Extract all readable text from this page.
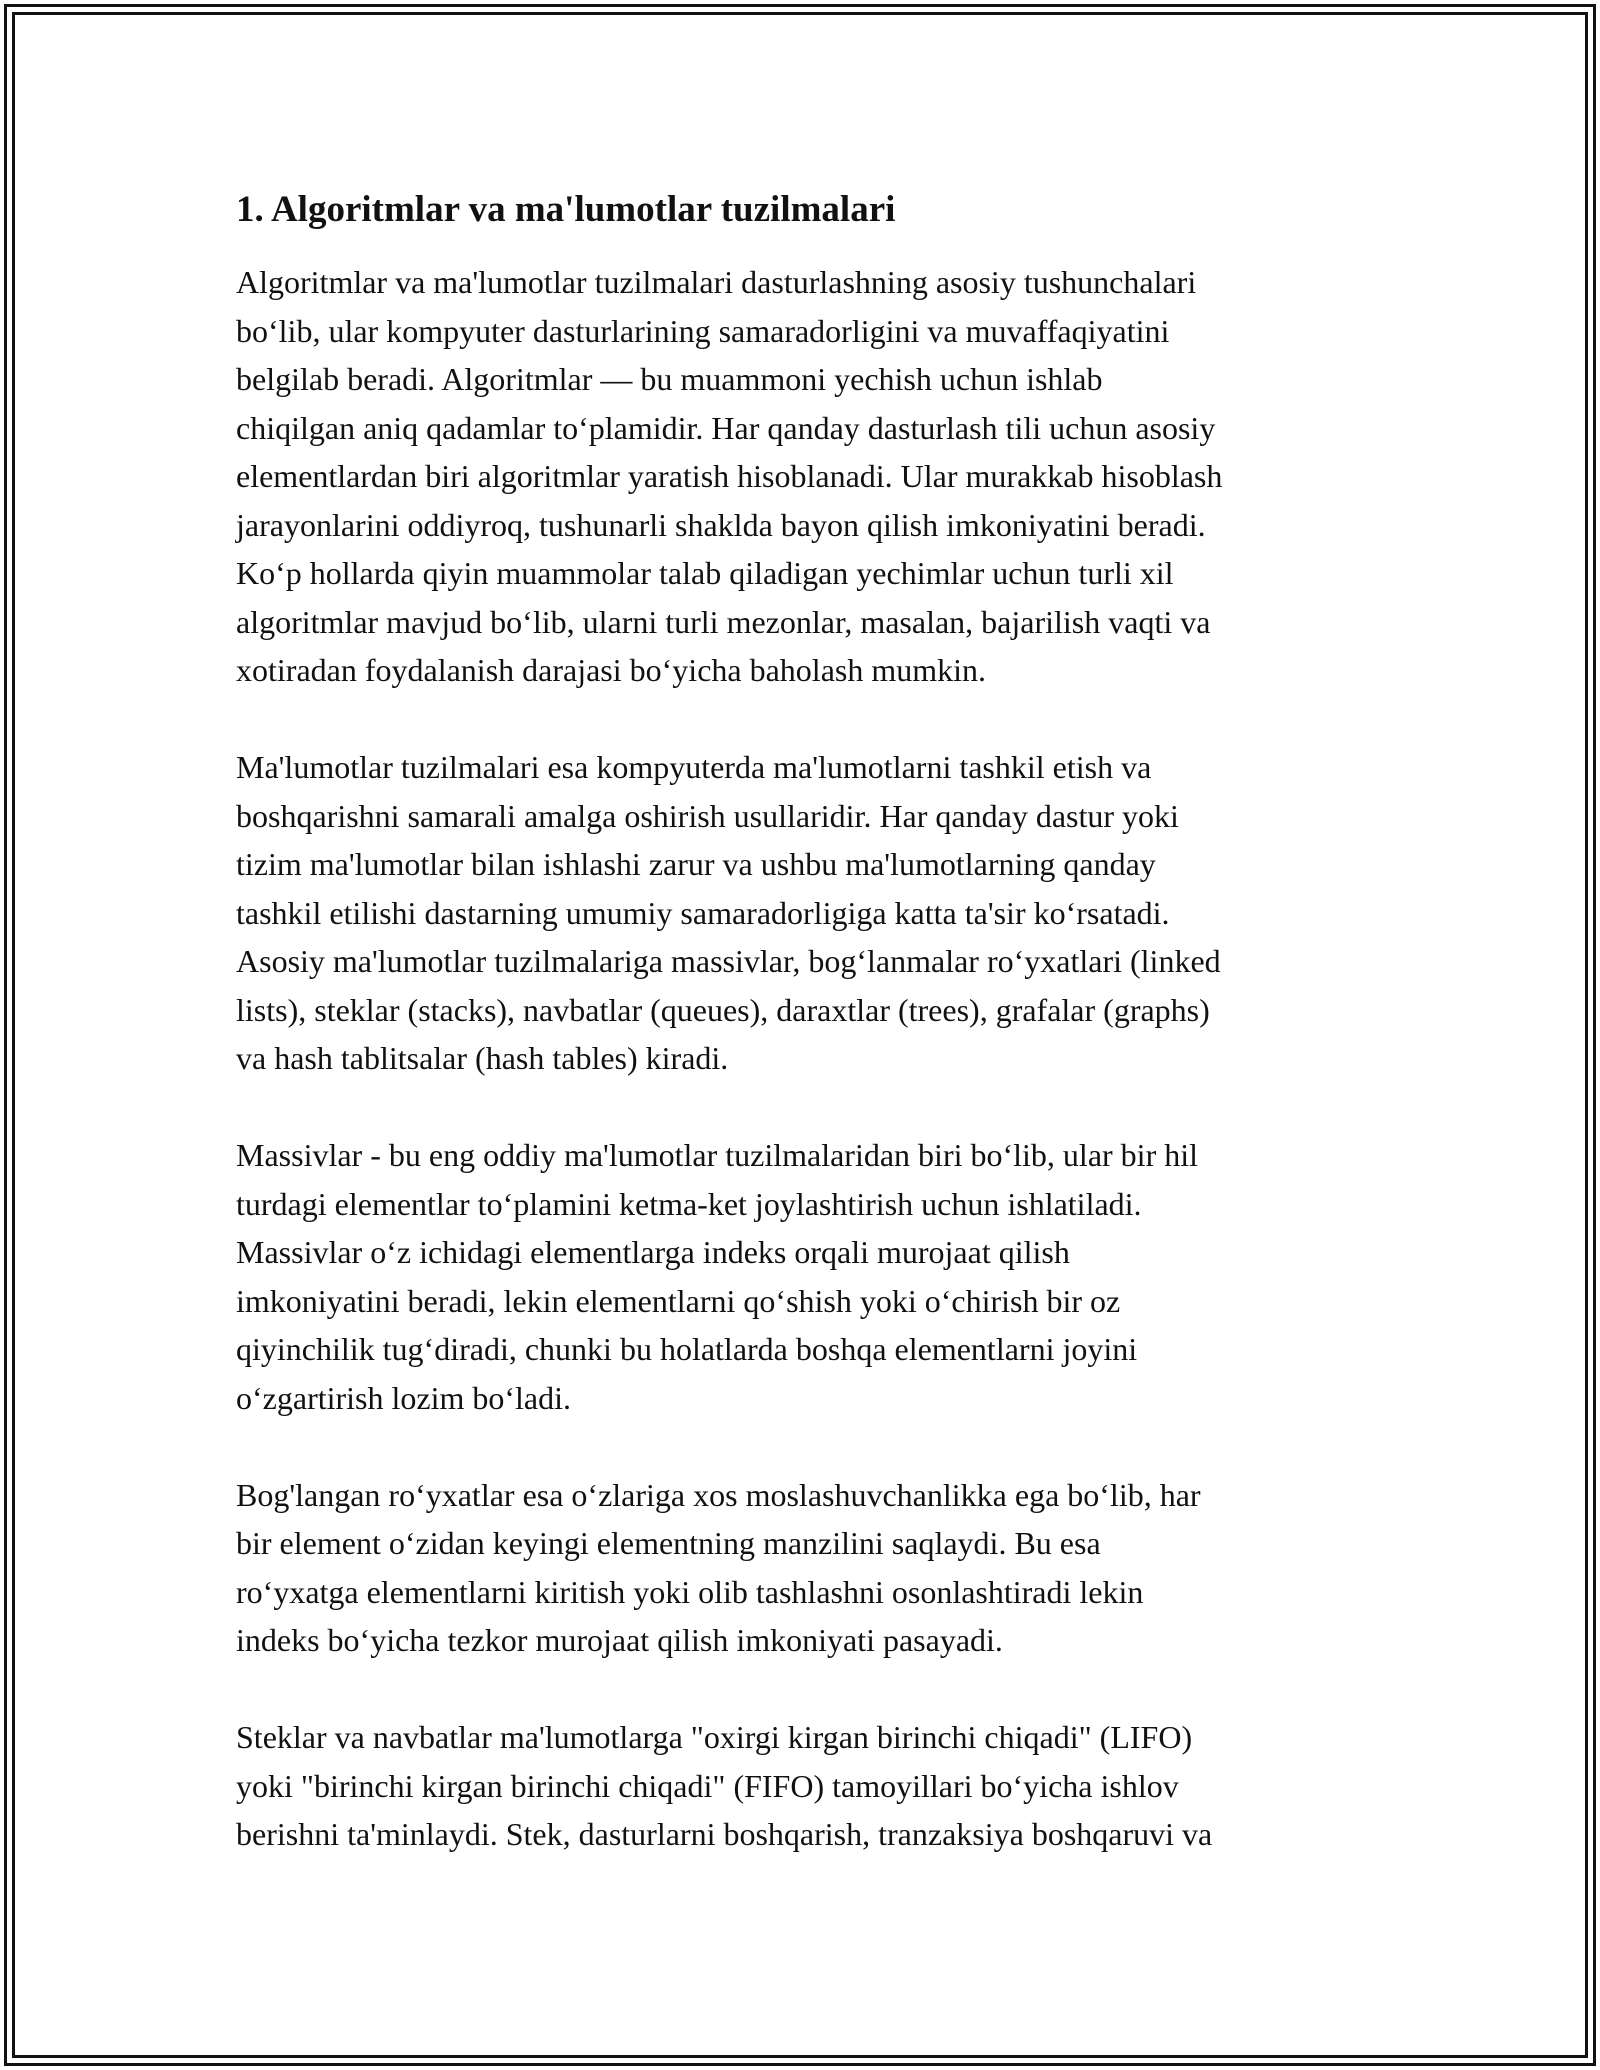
1. Algoritmlar va ma'lumotlar tuzilmalari

Algoritmlar va ma'lumotlar tuzilmalari dasturlashning asosiy tushunchalari
bo‘lib, ular kompyuter dasturlarining samaradorligini va muvaffaqiyatini
belgilab beradi. Algoritmlar — bu muammoni yechish uchun ishlab
chiqilgan aniq qadamlar to‘plamidir. Har qanday dasturlash tili uchun asosiy
elementlardan biri algoritmlar yaratish hisoblanadi. Ular murakkab hisoblash
jarayonlarini oddiyroq, tushunarli shaklda bayon qilish imkoniyatini beradi.
Ko‘p hollarda qiyin muammolar talab qiladigan yechimlar uchun turli xil
algoritmlar mavjud bo‘lib, ularni turli mezonlar, masalan, bajarilish vaqti va
xotiradan foydalanish darajasi bo‘yicha baholash mumkin.

Ma'lumotlar tuzilmalari esa kompyuterda ma'lumotlarni tashkil etish va
boshqarishni samarali amalga oshirish usullaridir. Har qanday dastur yoki
tizim ma'lumotlar bilan ishlashi zarur va ushbu ma'lumotlarning qanday
tashkil etilishi dastarning umumiy samaradorligiga katta ta'sir ko‘rsatadi.
Asosiy ma'lumotlar tuzilmalariga massivlar, bog‘lanmalar ro‘yxatlari (linked
lists), steklar (stacks), navbatlar (queues), daraxtlar (trees), grafalar (graphs)
va hash tablitsalar (hash tables) kiradi.

Massivlar - bu eng oddiy ma'lumotlar tuzilmalaridan biri bo‘lib, ular bir hil
turdagi elementlar to‘plamini ketma-ket joylashtirish uchun ishlatiladi.
Massivlar o‘z ichidagi elementlarga indeks orqali murojaat qilish
imkoniyatini beradi, lekin elementlarni qo‘shish yoki o‘chirish bir oz
qiyinchilik tug‘diradi, chunki bu holatlarda boshqa elementlarni joyini
o‘zgartirish lozim bo‘ladi.

Bog'langan ro‘yxatlar esa o‘zlariga xos moslashuvchanlikka ega bo‘lib, har
bir element o‘zidan keyingi elementning manzilini saqlaydi. Bu esa
ro‘yxatga elementlarni kiritish yoki olib tashlashni osonlashtiradi lekin
indeks bo‘yicha tezkor murojaat qilish imkoniyati pasayadi.

Steklar va navbatlar ma'lumotlarga "oxirgi kirgan birinchi chiqadi" (LIFO)
yoki "birinchi kirgan birinchi chiqadi" (FIFO) tamoyillari bo‘yicha ishlov
berishni ta'minlaydi. Stek, dasturlarni boshqarish, tranzaksiya boshqaruvi va
